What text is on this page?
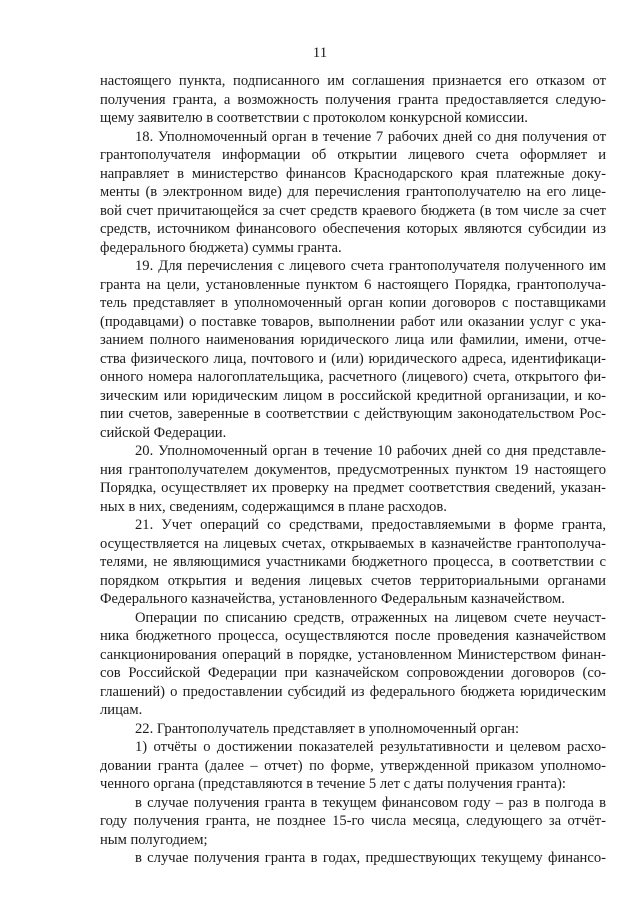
11
настоящего пункта, подписанного им соглашения признается его отказом от
получения гранта, а возможность получения гранта предоставляется следую-
щему заявителю в соответствии с протоколом конкурсной комиссии.
18. Уполномоченный орган в течение 7 рабочих дней со дня получения от
грантополучателя информации об открытии лицевого счета оформляет и
направляет в министерство финансов Краснодарского края платежные доку-
менты (в электронном виде) для перечисления грантополучателю на его лице-
вой счет причитающейся за счет средств краевого бюджета (в том числе за счет
средств, источником финансового обеспечения которых являются субсидии из
федерального бюджета) суммы гранта.
19. Для перечисления с лицевого счета грантополучателя полученного им
гранта на цели, установленные пунктом 6 настоящего Порядка, грантополуча-
тель представляет в уполномоченный орган копии договоров с поставщиками
(продавцами) о поставке товаров, выполнении работ или оказании услуг с ука-
занием полного наименования юридического лица или фамилии, имени, отче-
ства физического лица, почтового и (или) юридического адреса, идентификаци-
онного номера налогоплательщика, расчетного (лицевого) счета, открытого фи-
зическим или юридическим лицом в российской кредитной организации, и ко-
пии счетов, заверенные в соответствии с действующим законодательством Рос-
сийской Федерации.
20. Уполномоченный орган в течение 10 рабочих дней со дня представле-
ния грантополучателем документов, предусмотренных пунктом 19 настоящего
Порядка, осуществляет их проверку на предмет соответствия сведений, указан-
ных в них, сведениям, содержащимся в плане расходов.
21. Учет операций со средствами, предоставляемыми в форме гранта,
осуществляется на лицевых счетах, открываемых в казначействе грантополуча-
телями, не являющимися участниками бюджетного процесса, в соответствии с
порядком открытия и ведения лицевых счетов территориальными органами
Федерального казначейства, установленного Федеральным казначейством.
Операции по списанию средств, отраженных на лицевом счете неучаст-
ника бюджетного процесса, осуществляются после проведения казначейством
санкционирования операций в порядке, установленном Министерством финан-
сов Российской Федерации при казначейском сопровождении договоров (со-
глашений) о предоставлении субсидий из федерального бюджета юридическим
лицам.
22. Грантополучатель представляет в уполномоченный орган:
1) отчёты о достижении показателей результативности и целевом расхо-
довании гранта (далее – отчет) по форме, утвержденной приказом уполномо-
ченного органа (представляются в течение 5 лет с даты получения гранта):
в случае получения гранта в текущем финансовом году – раз в полгода в
году получения гранта, не позднее 15-го числа месяца, следующего за отчёт-
ным полугодием;
в случае получения гранта в годах, предшествующих текущему финансо-
